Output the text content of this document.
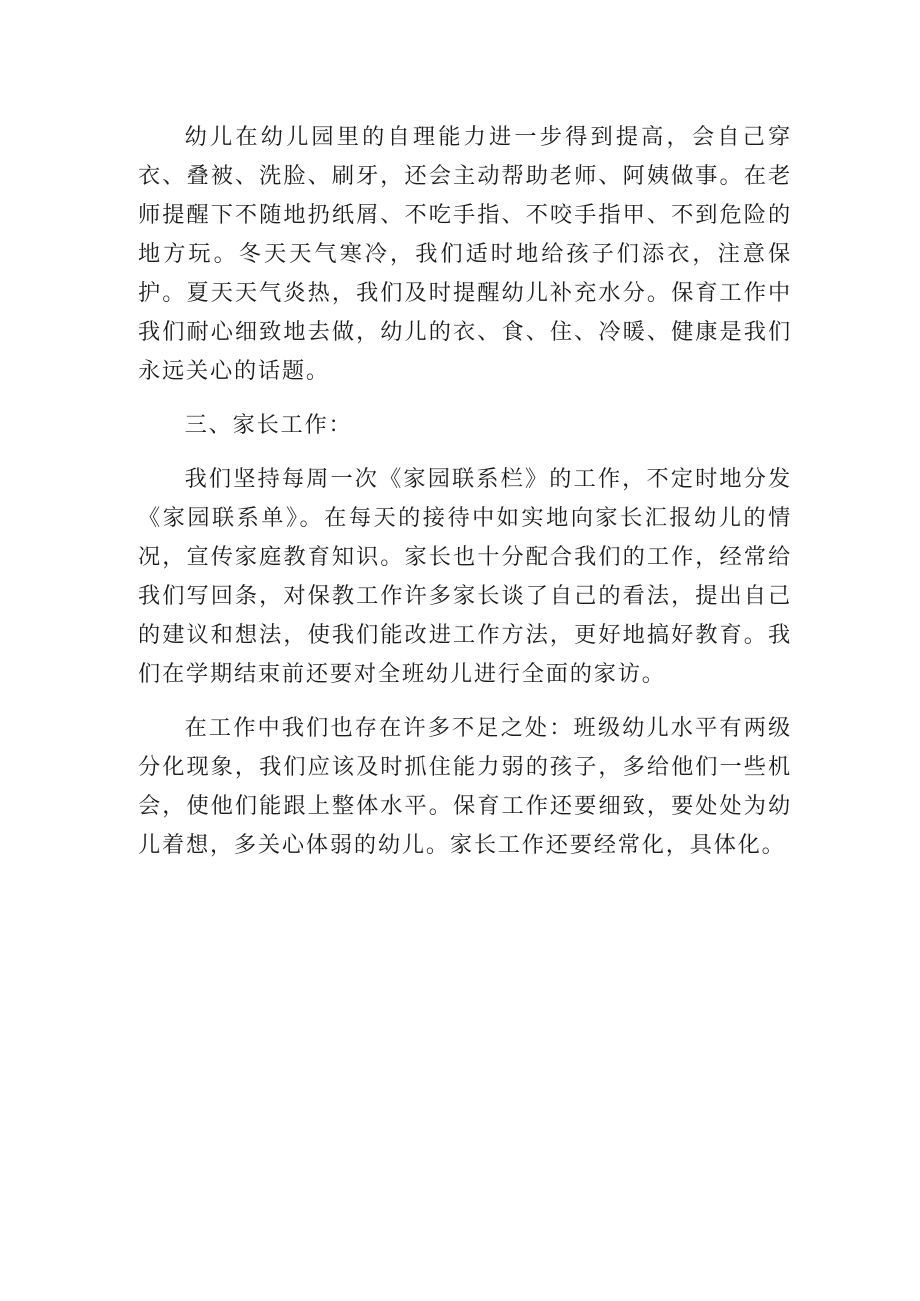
幼儿在幼儿园里的自理能力进一步得到提高，会自己穿衣、叠被、洗脸、刷牙，还会主动帮助老师、阿姨做事。在老师提醒下不随地扔纸屑、不吃手指、不咬手指甲、不到危险的地方玩。冬天天气寒冷，我们适时地给孩子们添衣，注意保护。夏天天气炎热，我们及时提醒幼儿补充水分。保育工作中我们耐心细致地去做，幼儿的衣、食、住、冷暖、健康是我们永远关心的话题。

三、家长工作：

我们坚持每周一次《家园联系栏》的工作，不定时地分发《家园联系单》。在每天的接待中如实地向家长汇报幼儿的情况，宣传家庭教育知识。家长也十分配合我们的工作，经常给我们写回条，对保教工作许多家长谈了自己的看法，提出自己的建议和想法，使我们能改进工作方法，更好地搞好教育。我们在学期结束前还要对全班幼儿进行全面的家访。

在工作中我们也存在许多不足之处：班级幼儿水平有两级分化现象，我们应该及时抓住能力弱的孩子，多给他们一些机会，使他们能跟上整体水平。保育工作还要细致，要处处为幼儿着想，多关心体弱的幼儿。家长工作还要经常化，具体化。
